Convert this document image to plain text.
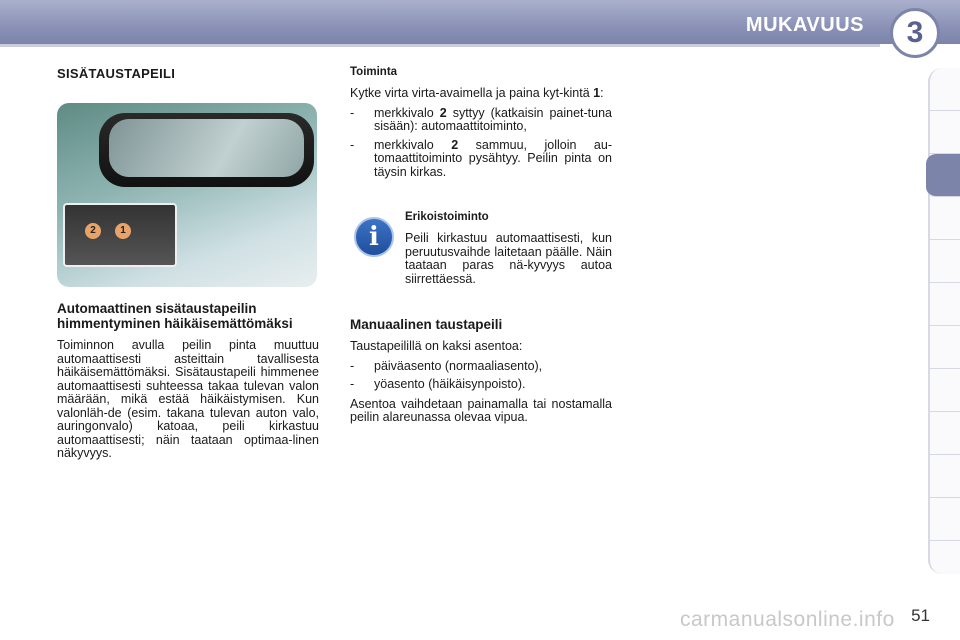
MUKAVUUS	3
SISÄTAUSTAPEILI
2	1
Automaattinen sisätaustapeilin himmentyminen häikäisemättömäksi

Toiminnon avulla peilin pinta muuttuu automaattisesti asteittain tavallisesta häikäisemättömäksi. Sisätaustapeili himmenee automaattisesti suhteessa takaa tulevan valon määrään, mikä estää häikäistymisen. Kun valonläh-de (esim. takana tulevan auton valo, auringonvalo) katoaa, peili kirkastuu automaattisesti; näin taataan optimaa-linen näkyvyys.

Toiminta

Kytke virta virta-avaimella ja paina kyt-kintä 1:

- merkkivalo 2 syttyy (katkaisin painet-tuna sisään): automaattitoiminto,
- merkkivalo 2 sammuu, jolloin au-tomaattitoiminto pysähtyy. Peilin pinta on täysin kirkas.
i
Erikoistoiminto

Peili kirkastuu automaattisesti, kun peruutusvaihde laitetaan päälle. Näin taataan paras nä-kyvyys autoa siirrettäessä.

Manuaalinen taustapeili

Taustapeilillä on kaksi asentoa:

- päiväasento (normaaliasento),
- yöasento (häikäisynpoisto).

Asentoa vaihdetaan painamalla tai nostamalla peilin alareunassa olevaa vipua.

51
carmanualsonline.info
